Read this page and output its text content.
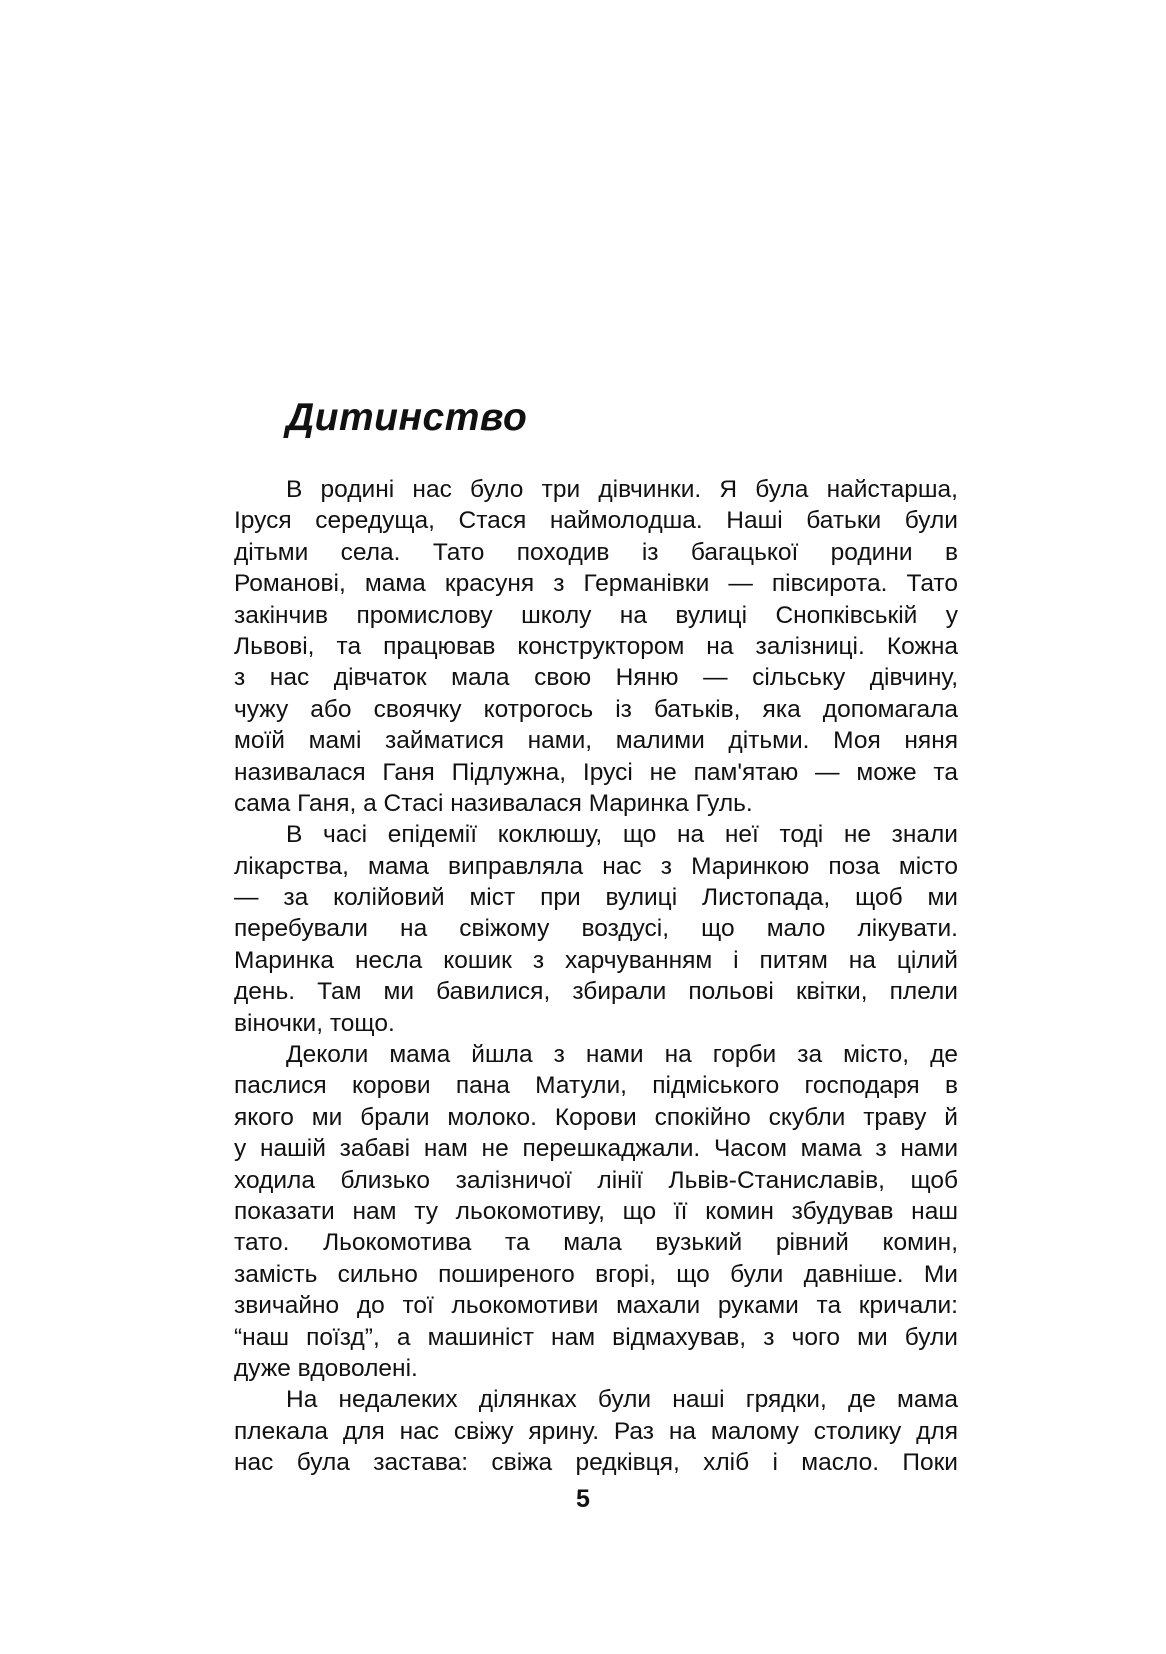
Дитинство
В родині нас було три дівчинки. Я була найстарша,
Іруся середуща, Стася наймолодша. Наші батьки були
дітьми села. Тато походив із багацької родини в
Романові, мама красуня з Германівки — півсирота. Тато
закінчив промислову школу на вулиці Снопківській у
Львові, та працював конструктором на залізниці. Кожна
з нас дівчаток мала свою Няню — сільську дівчину,
чужу або своячку котрогось із батьків, яка допомагала
моїй мамі займатися нами, малими дітьми. Моя няня
називалася Ганя Підлужна, Ірусі не пам'ятаю — може та
сама Ганя, а Стасі називалася Маринка Гуль.
В часі епідемії коклюшу, що на неї тоді не знали
лікарства, мама виправляла нас з Маринкою поза місто
— за колійовий міст при вулиці Листопада, щоб ми
перебували на свіжому воздусі, що мало лікувати.
Маринка несла кошик з харчуванням і питям на цілий
день. Там ми бавилися, збирали польові квітки, плели
віночки, тощо.
Деколи мама йшла з нами на горби за місто, де
паслися корови пана Матули, підміського господаря в
якого ми брали молоко. Корови спокійно скубли траву й
у нашій забаві нам не перешкаджали. Часом мама з нами
ходила близько залізничої лінії Львів-Станиславів, щоб
показати нам ту льокомотиву, що її комин збудував наш
тато. Льокомотива та мала вузький рівний комин,
замість сильно поширеного вгорі, що були давніше. Ми
звичайно до тої льокомотиви махали руками та кричали:
“наш поїзд”, а машиніст нам відмахував, з чого ми були
дуже вдоволені.
На недалеких ділянках були наші грядки, де мама
плекала для нас свіжу ярину. Раз на малому столику для
нас була застава: свіжа редківця, хліб і масло. Поки
5
